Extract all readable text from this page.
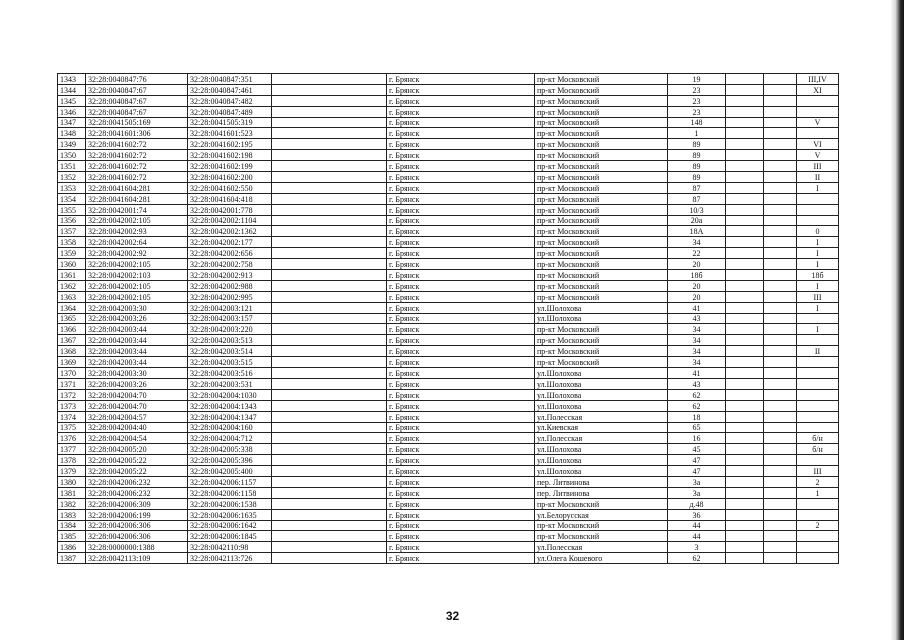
1343	32:28:0040847:76	32:28:0040847:351		г. Брянск	пр-кт Московский	19			III,IV
1344	32:28:0040847:67	32:28:0040847:461		г. Брянск	пр-кт Московский	23			XI
1345	32:28:0040847:67	32:28:0040847:482		г. Брянск	пр-кт Московский	23			
1346	32:28:0040847:67	32:28:0040847:489		г. Брянск	пр-кт Московский	23			
1347	32:28:0041505:169	32:28:0041505:319		г. Брянск	пр-кт Московский	148			V
1348	32:28:0041601:306	32:28:0041601:523		г. Брянск	пр-кт Московский	1			
1349	32:28:0041602:72	32:28:0041602:195		г. Брянск	пр-кт Московский	89			VI
1350	32:28:0041602:72	32:28:0041602:198		г. Брянск	пр-кт Московский	89			V
1351	32:28:0041602:72	32:28:0041602:199		г. Брянск	пр-кт Московский	89			III
1352	32:28:0041602:72	32:28:0041602:200		г. Брянск	пр-кт Московский	89			II
1353	32:28:0041604:281	32:28:0041602:550		г. Брянск	пр-кт Московский	87			I
1354	32:28:0041604:281	32:28:0041604:418		г. Брянск	пр-кт Московский	87			
1355	32:28:0042001:74	32:28:0042001:778		г. Брянск	пр-кт Московский	10/3			
1356	32:28:0042002:105	32:28:0042002:1104		г. Брянск	пр-кт Московский	20а			
1357	32:28:0042002:93	32:28:0042002:1362		г. Брянск	пр-кт Московский	18А			0
1358	32:28:0042002:64	32:28:0042002:177		г. Брянск	пр-кт Московский	34			I
1359	32:28:0042002:92	32:28:0042002:656		г. Брянск	пр-кт Московский	22			I
1360	32:28:0042002:105	32:28:0042002:758		г. Брянск	пр-кт Московский	20			I
1361	32:28:0042002:103	32:28:0042002:913		г. Брянск	пр-кт Московский	18б			18б
1362	32:28:0042002:105	32:28:0042002:988		г. Брянск	пр-кт Московский	20			I
1363	32:28:0042002:105	32:28:0042002:995		г. Брянск	пр-кт Московский	20			III
1364	32:28:0042003:30	32:28:0042003:121		г. Брянск	ул.Шолохова	41			I
1365	32:28:0042003:26	32:28:0042003:157		г. Брянск	ул.Шолохова	43			
1366	32:28:0042003:44	32:28:0042003:220		г. Брянск	пр-кт Московский	34			I
1367	32:28:0042003:44	32:28:0042003:513		г. Брянск	пр-кт Московский	34			
1368	32:28:0042003:44	32:28:0042003:514		г. Брянск	пр-кт Московский	34			II
1369	32:28:0042003:44	32:28:0042003:515		г. Брянск	пр-кт Московский	34			
1370	32:28:0042003:30	32:28:0042003:516		г. Брянск	ул.Шолохова	41			
1371	32:28:0042003:26	32:28:0042003:531		г. Брянск	ул.Шолохова	43			
1372	32:28:0042004:70	32:28:0042004:1030		г. Брянск	ул.Шолохова	62			
1373	32:28:0042004:70	32:28:0042004:1343		г. Брянск	ул.Шолохова	62			
1374	32:28:0042004:57	32:28:0042004:1347		г. Брянск	ул.Полесская	18			
1375	32:28:0042004:40	32:28:0042004:160		г. Брянск	ул.Киевская	65			
1376	32:28:0042004:54	32:28:0042004:712		г. Брянск	ул.Полесская	16			б/н
1377	32:28:0042005:20	32:28:0042005:338		г. Брянск	ул.Шолохова	45			б/н
1378	32:28:0042005:22	32:28:0042005:396		г. Брянск	ул.Шолохова	47			
1379	32:28:0042005:22	32:28:0042005:400		г. Брянск	ул.Шолохова	47			III
1380	32:28:0042006:232	32:28:0042006:1157		г. Брянск	пер. Литвинова	3а			2
1381	32:28:0042006:232	32:28:0042006:1158		г. Брянск	пер. Литвинова	3а			1
1382	32:28:0042006:309	32:28:0042006:1538		г. Брянск	пр-кт Московский	д.48			
1383	32:28:0042006:199	32:28:0042006:1635		г. Брянск	ул.Белорусская	36			
1384	32:28:0042006:306	32:28:0042006:1642		г. Брянск	пр-кт Московский	44			2
1385	32:28:0042006:306	32:28:0042006:1845		г. Брянск	пр-кт Московский	44			
1386	32:28:0000000:1388	32:28:0042110:98		г. Брянск	ул.Полесская	3			
1387	32:28:0042113:109	32:28:0042113:726		г. Брянск	ул.Олега Кошевого	62			
32
